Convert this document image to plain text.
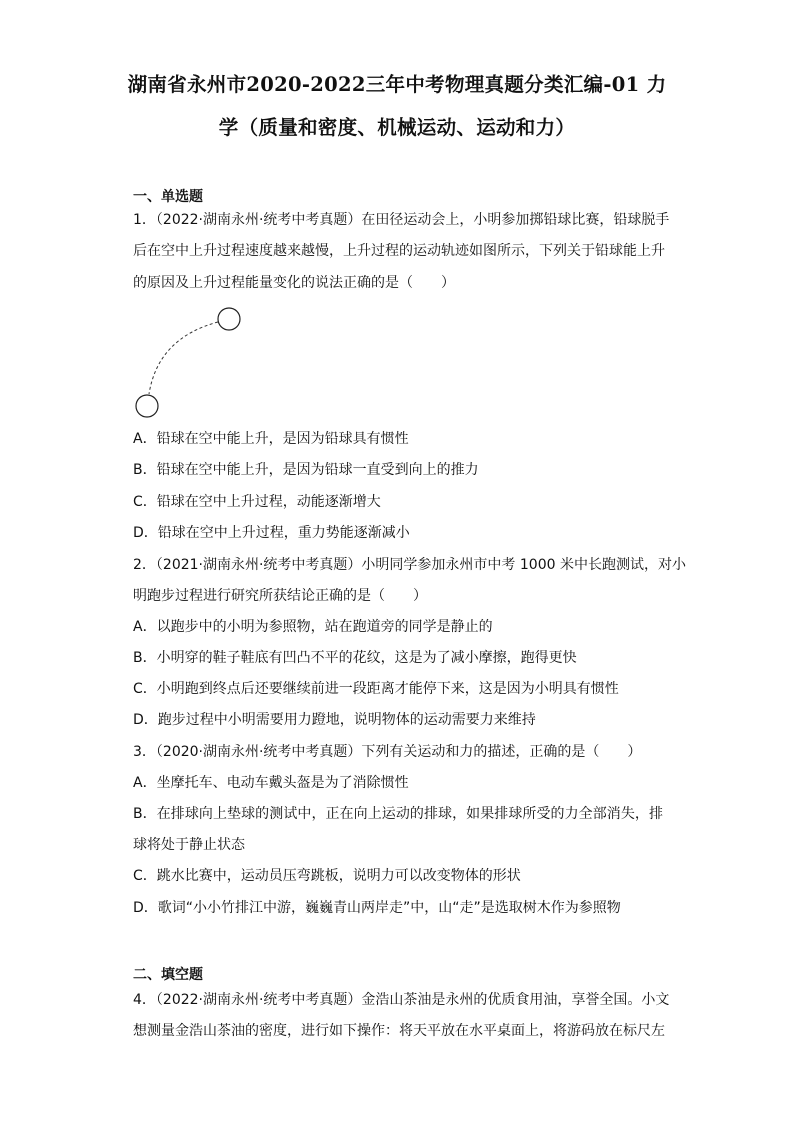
湖南省永州市2020-2022三年中考物理真题分类汇编-01 力
学（质量和密度、机械运动、运动和力）
一、单选题
1．（2022·湖南永州·统考中考真题）在田径运动会上，小明参加掷铅球比赛，铅球脱手
后在空中上升过程速度越来越慢，上升过程的运动轨迹如图所示，下列关于铅球能上升
的原因及上升过程能量变化的说法正确的是（　　）
A．铅球在空中能上升，是因为铅球具有惯性
B．铅球在空中能上升，是因为铅球一直受到向上的推力
C．铅球在空中上升过程，动能逐渐增大
D．铅球在空中上升过程，重力势能逐渐减小
2．（2021·湖南永州·统考中考真题）小明同学参加永州市中考 1000 米中长跑测试，对小
明跑步过程进行研究所获结论正确的是（　　）
A．以跑步中的小明为参照物，站在跑道旁的同学是静止的
B．小明穿的鞋子鞋底有凹凸不平的花纹，这是为了减小摩擦，跑得更快
C．小明跑到终点后还要继续前进一段距离才能停下来，这是因为小明具有惯性
D．跑步过程中小明需要用力蹬地，说明物体的运动需要力来维持
3．（2020·湖南永州·统考中考真题）下列有关运动和力的描述，正确的是（　　）
A．坐摩托车、电动车戴头盔是为了消除惯性
B．在排球向上垫球的测试中，正在向上运动的排球，如果排球所受的力全部消失，排
球将处于静止状态
C．跳水比赛中，运动员压弯跳板，说明力可以改变物体的形状
D．歌词“小小竹排江中游，巍巍青山两岸走”中，山“走”是选取树木作为参照物
二、填空题
4．（2022·湖南永州·统考中考真题）金浩山茶油是永州的优质食用油，享誉全国。小文
想测量金浩山茶油的密度，进行如下操作：将天平放在水平桌面上，将游码放在标尺左
